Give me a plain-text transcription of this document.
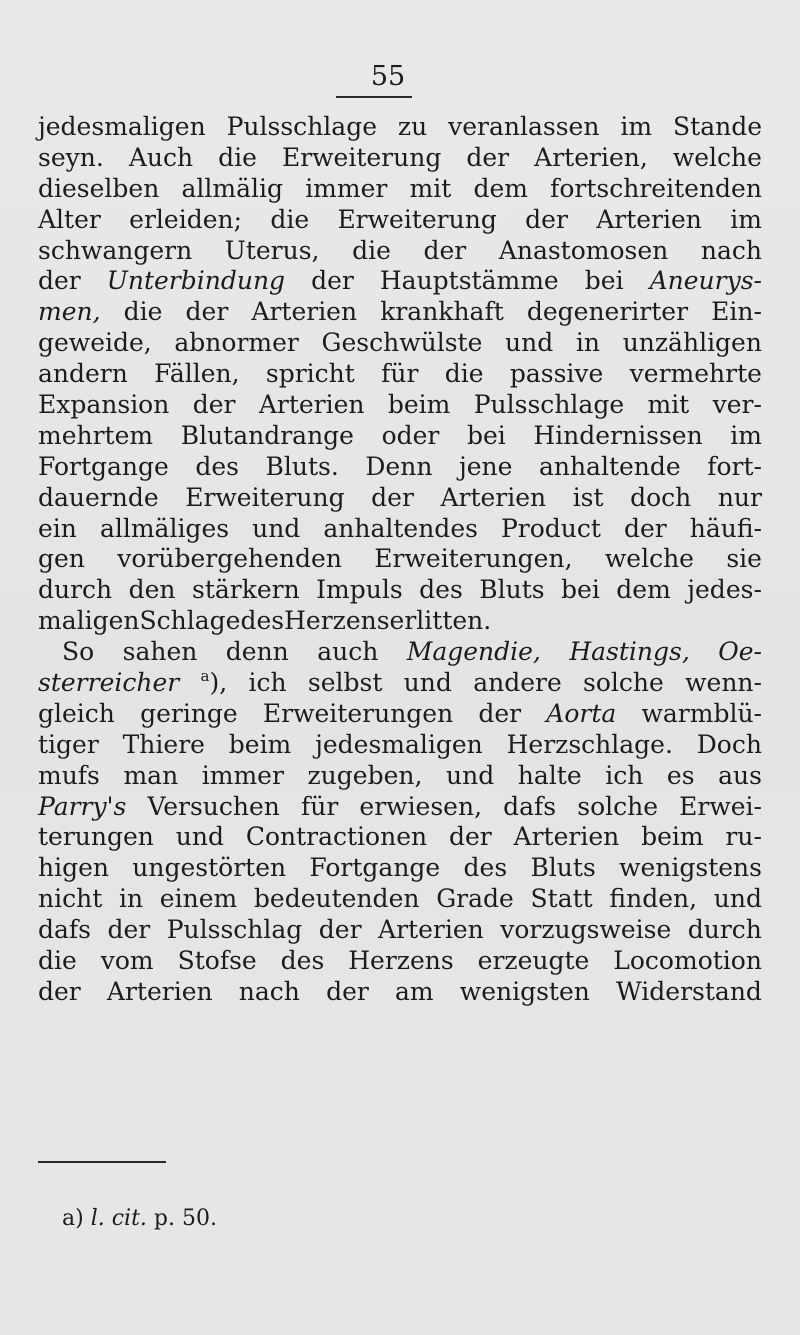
55
jedesmaligen Pulsschlage zu veranlassen im Stande
seyn. Auch die Erweiterung der Arterien, welche
dieselben allmälig immer mit dem fortschreitenden
Alter erleiden; die Erweiterung der Arterien im
schwangern Uterus, die der Anastomosen nach
der Unterbindung der Hauptstämme bei Aneurys-
men, die der Arterien krankhaft degenerirter Ein-
geweide, abnormer Geschwülste und in unzähligen
andern Fällen, spricht für die passive vermehrte
Expansion der Arterien beim Pulsschlage mit ver-
mehrtem Blutandrange oder bei Hindernissen im
Fortgange des Bluts. Denn jene anhaltende fort-
dauernde Erweiterung der Arterien ist doch nur
ein allmäliges und anhaltendes Product der häufi-
gen vorübergehenden Erweiterungen, welche sie
durch den stärkern Impuls des Bluts bei dem jedes-
maligen Schlage des Herzens erlitten.
So sahen denn auch Magendie, Hastings, Oe-
sterreicher $^a$), ich selbst und andere solche wenn-
gleich geringe Erweiterungen der Aorta warmblü-
tiger Thiere beim jedesmaligen Herzschlage. Doch
mufs man immer zugeben, und halte ich es aus
Parry's Versuchen für erwiesen, dafs solche Erwei-
terungen und Contractionen der Arterien beim ru-
higen ungestörten Fortgange des Bluts wenigstens
nicht in einem bedeutenden Grade Statt finden, und
dafs der Pulsschlag der Arterien vorzugsweise durch
die vom Stofse des Herzens erzeugte Locomotion
der Arterien nach der am wenigsten Widerstand
a) l. cit. p. 50.
